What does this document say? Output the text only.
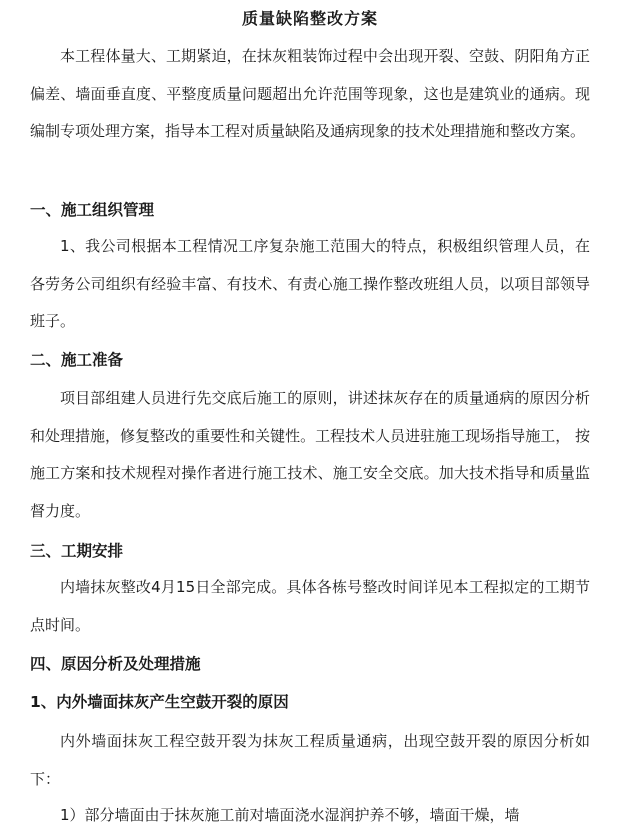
质量缺陷整改方案
本工程体量大、工期紧迫，在抹灰粗装饰过程中会出现开裂、空鼓、阴阳角方正偏差、墙面垂直度、平整度质量问题超出允许范围等现象，这也是建筑业的通病。现编制专项处理方案，指导本工程对质量缺陷及通病现象的技术处理措施和整改方案。
一、施工组织管理
1、我公司根据本工程情况工序复杂施工范围大的特点，积极组织管理人员，在各劳务公司组织有经验丰富、有技术、有责心施工操作整改班组人员，以项目部领导班子。
二、施工准备
项目部组建人员进行先交底后施工的原则，讲述抹灰存在的质量通病的原因分析和处理措施，修复整改的重要性和关键性。工程技术人员进驻施工现场指导施工， 按施工方案和技术规程对操作者进行施工技术、施工安全交底。加大技术指导和质量监督力度。
三、工期安排
内墙抹灰整改4月15日全部完成。具体各栋号整改时间详见本工程拟定的工期节点时间。
四、原因分析及处理措施
1、内外墙面抹灰产生空鼓开裂的原因
内外墙面抹灰工程空鼓开裂为抹灰工程质量通病，出现空鼓开裂的原因分析如下：
1）部分墙面由于抹灰施工前对墙面浇水湿润护养不够，墙面干燥，墙
